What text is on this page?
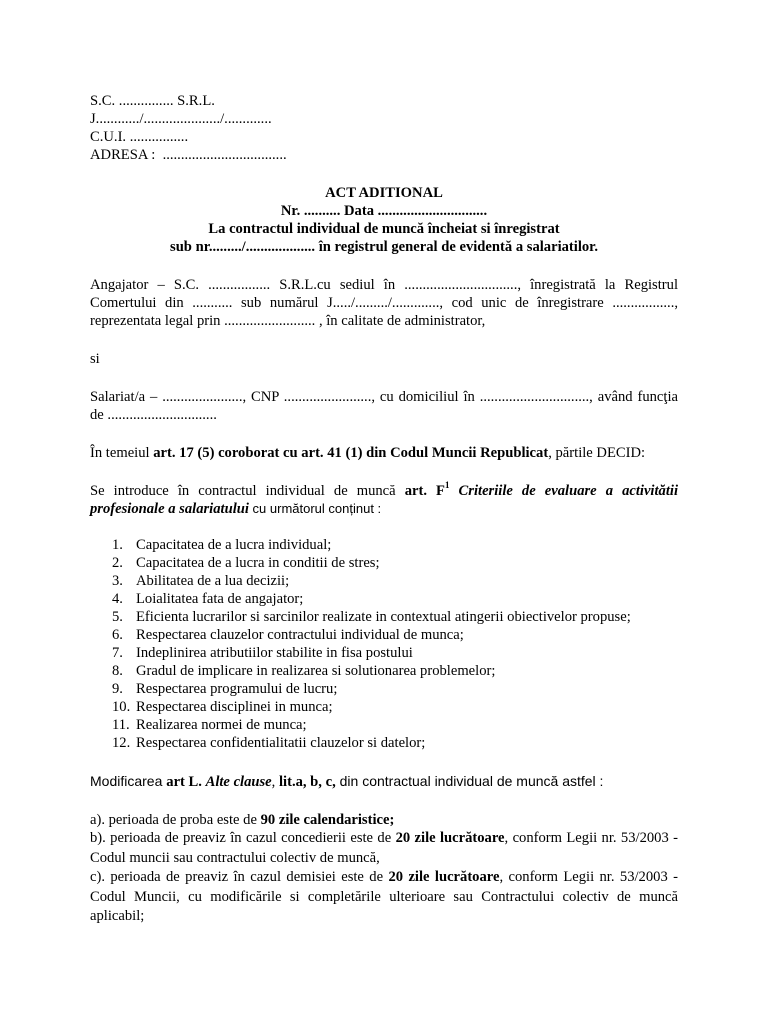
S.C. ............... S.R.L.
J............/...................../.............
C.U.I. ................
ADRESA :  ..................................
ACT ADITIONAL
Nr. .......... Data ..............................
La contractul individual de muncă încheiat si înregistrat
sub nr........./................... în registrul general de evidentă a salariatilor.

Angajator – S.C. ................. S.R.L.cu sediul în ..............................., înregistrată la Registrul Comertului din ........... sub numărul J...../........./............., cod unic de înregistrare ................., reprezentata legal prin ......................... , în calitate de administrator,

si

Salariat/a – ......................, CNP ........................, cu domiciliul în .............................., având funcţia de ..............................

În temeiul art. 17 (5) coroborat cu art. 41 (1) din Codul Muncii Republicat, părtile DECID:

Se introduce în contractul individual de muncă art. $F^1$ Criteriile de evaluare a activitătii profesionale a salariatului cu următorul conținut :

1. Capacitatea de a lucra individual;
2. Capacitatea de a lucra in conditii de stres;
3. Abilitatea de a lua decizii;
4. Loialitatea fata de angajator;
5. Eficienta lucrarilor si sarcinilor realizate in contextual atingerii obiectivelor propuse;
6. Respectarea clauzelor contractului individual de munca;
7. Indeplinirea atributiilor stabilite in fisa postului
8. Gradul de implicare in realizarea si solutionarea problemelor;
9. Respectarea programului de lucru;
10. Respectarea disciplinei in munca;
11. Realizarea normei de munca;
12. Respectarea confidentialitatii clauzelor si datelor;

Modificarea art L. Alte clause, lit.a, b, c, din contractual individual de muncă astfel :

a). perioada de proba este de 90 zile calendaristice;

b). perioada de preaviz în cazul concedierii este de 20 zile lucrătoare, conform Legii nr. 53/2003 - Codul muncii sau contractului colectiv de muncă,

c). perioada de preaviz în cazul demisiei este de 20 zile lucrătoare, conform Legii nr. 53/2003 - Codul Muncii, cu modificările si completările ulterioare sau Contractului colectiv de muncă aplicabil;
